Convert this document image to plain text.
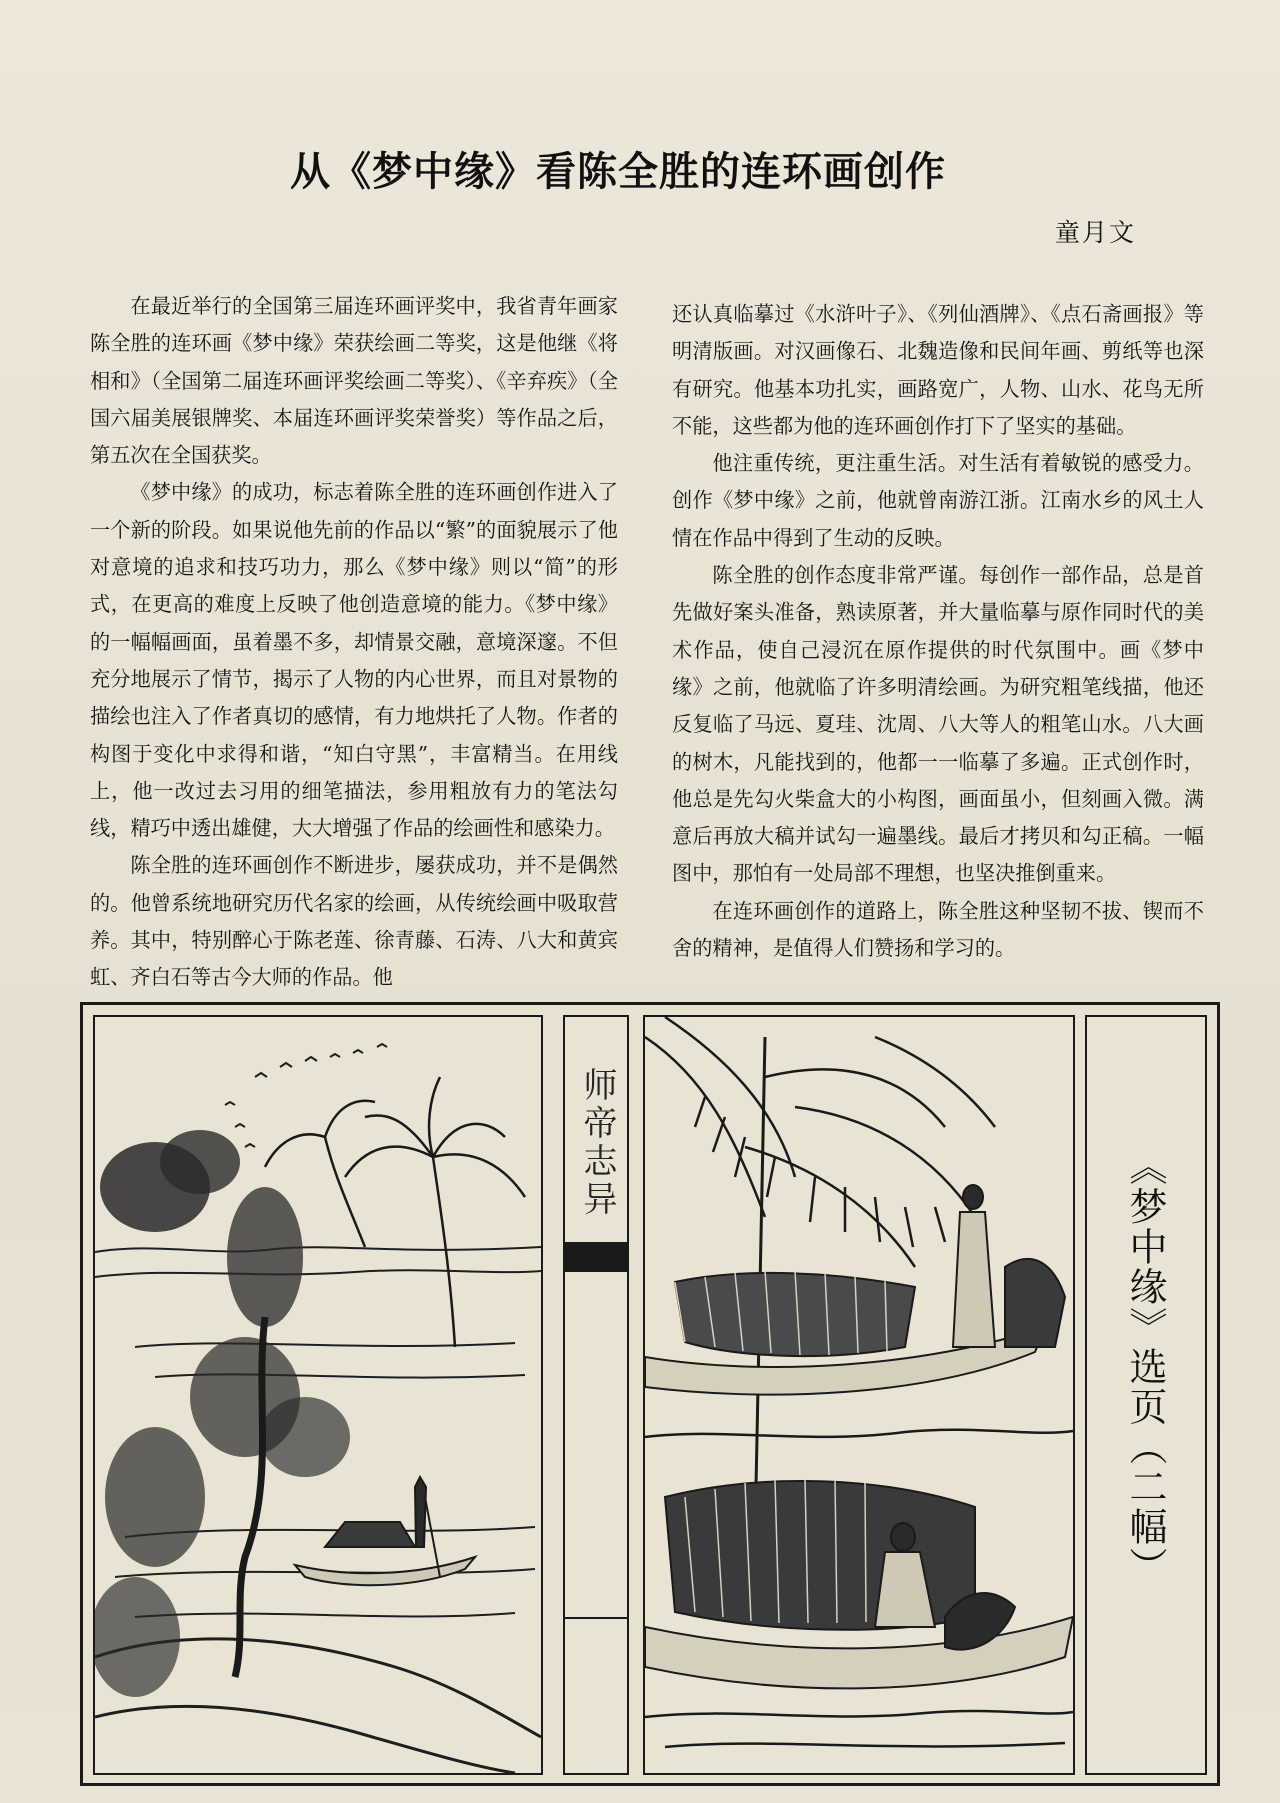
从《梦中缘》看陈全胜的连环画创作
童月文

在最近举行的全国第三届连环画评奖中，我省青年画家陈全胜的连环画《梦中缘》荣获绘画二等奖，这是他继《将相和》（全国第二届连环画评奖绘画二等奖）、《辛弃疾》（全国六届美展银牌奖、本届连环画评奖荣誉奖）等作品之后，第五次在全国获奖。

《梦中缘》的成功，标志着陈全胜的连环画创作进入了一个新的阶段。如果说他先前的作品以“繁”的面貌展示了他对意境的追求和技巧功力，那么《梦中缘》则以“简”的形式，在更高的难度上反映了他创造意境的能力。《梦中缘》的一幅幅画面，虽着墨不多，却情景交融，意境深邃。不但充分地展示了情节，揭示了人物的内心世界，而且对景物的描绘也注入了作者真切的感情，有力地烘托了人物。作者的构图于变化中求得和谐，“知白守黑”，丰富精当。在用线上，他一改过去习用的细笔描法，参用粗放有力的笔法勾线，精巧中透出雄健，大大增强了作品的绘画性和感染力。

陈全胜的连环画创作不断进步，屡获成功，并不是偶然的。他曾系统地研究历代名家的绘画，从传统绘画中吸取营养。其中，特别醉心于陈老莲、徐青藤、石涛、八大和黄宾虹、齐白石等古今大师的作品。他

还认真临摹过《水浒叶子》、《列仙酒牌》、《点石斋画报》等明清版画。对汉画像石、北魏造像和民间年画、剪纸等也深有研究。他基本功扎实，画路宽广，人物、山水、花鸟无所不能，这些都为他的连环画创作打下了坚实的基础。

他注重传统，更注重生活。对生活有着敏锐的感受力。创作《梦中缘》之前，他就曾南游江浙。江南水乡的风土人情在作品中得到了生动的反映。

陈全胜的创作态度非常严谨。每创作一部作品，总是首先做好案头准备，熟读原著，并大量临摹与原作同时代的美术作品，使自己浸沉在原作提供的时代氛围中。画《梦中缘》之前，他就临了许多明清绘画。为研究粗笔线描，他还反复临了马远、夏珪、沈周、八大等人的粗笔山水。八大画的树木，凡能找到的，他都一一临摹了多遍。正式创作时，他总是先勾火柴盒大的小构图，画面虽小，但刻画入微。满意后再放大稿并试勾一遍墨线。最后才拷贝和勾正稿。一幅图中，那怕有一处局部不理想，也坚决推倒重来。

在连环画创作的道路上，陈全胜这种坚韧不拔、锲而不舍的精神，是值得人们赞扬和学习的。

师帝志异
《梦中缘》选页（二幅）
